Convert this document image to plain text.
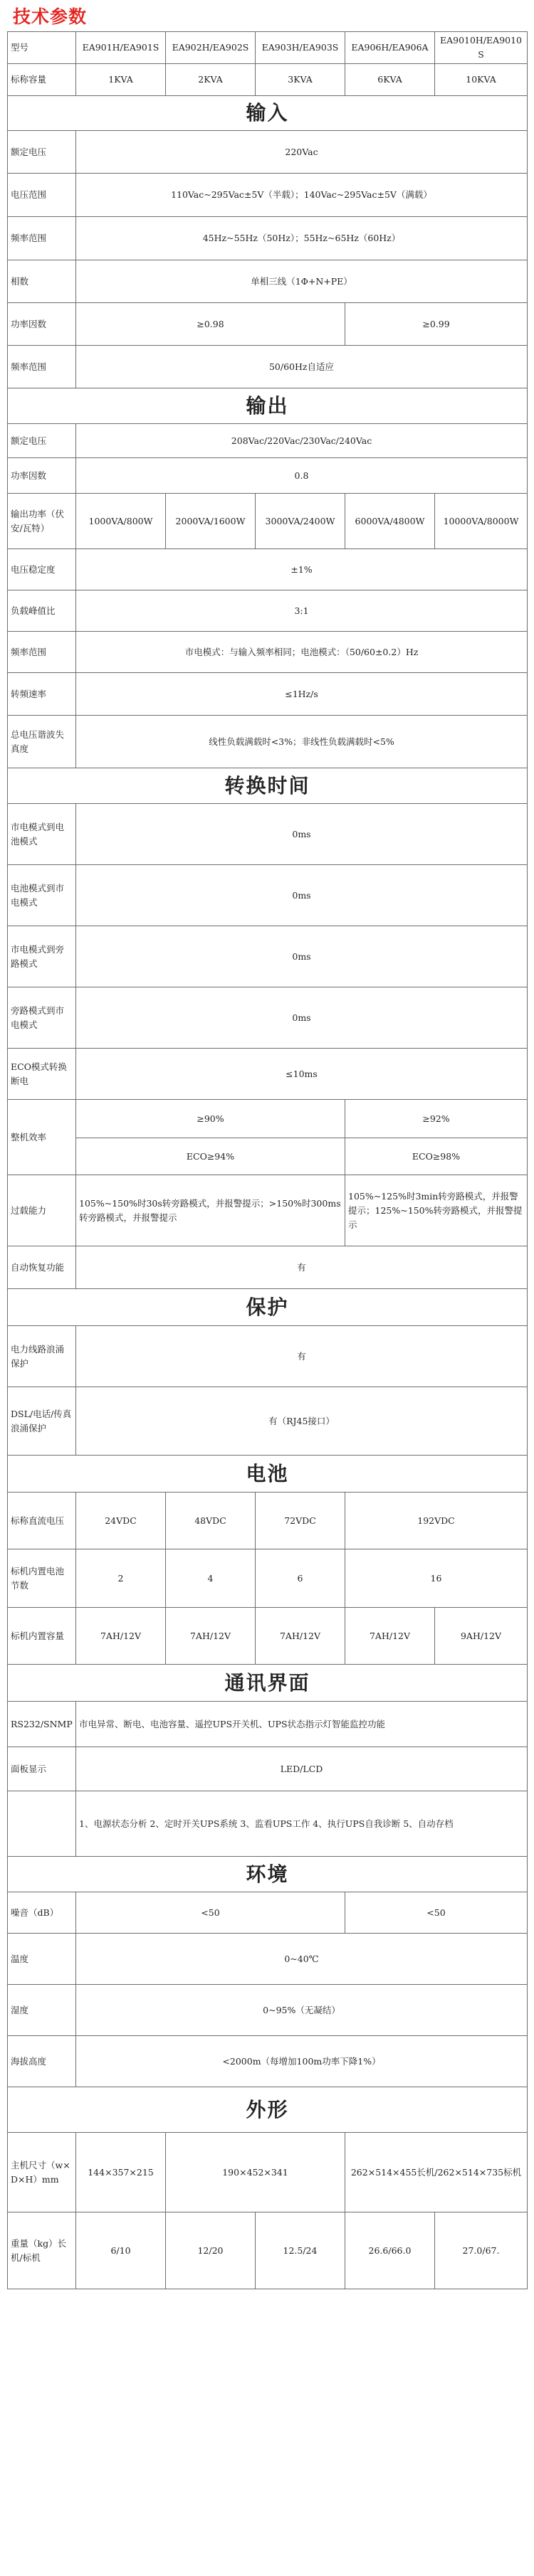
技术参数
型号	EA901H/EA901S	EA902H/EA902S	EA903H/EA903S	EA906H/EA906A	EA9010H/EA9010S
标称容量	1KVA	2KVA	3KVA	6KVA	10KVA
输入					
额定电压	220Vac				
电压范围	110Vac~295Vac±5V（半载）；140Vac~295Vac±5V（满载）				
频率范围	45Hz~55Hz（50Hz）；55Hz~65Hz（60Hz）				
相数	单相三线（1Φ+N+PE）				
功率因数	≥0.98			≥0.99	
频率范围	50/60Hz自适应				
输出					
额定电压	208Vac/220Vac/230Vac/240Vac				
功率因数	0.8				
输出功率（伏安/瓦特）	1000VA/800W	2000VA/1600W	3000VA/2400W	6000VA/4800W	10000VA/8000W
电压稳定度	±1%				
负载峰值比	3:1				
频率范围	市电模式：与输入频率相同；电池模式：（50/60±0.2）Hz				
转频速率	≤1Hz/s				
总电压谐波失真度	线性负载满载时<3%；非线性负载满载时<5%				
转换时间					
市电模式到电池模式	0ms				
电池模式到市电模式	0ms				
市电模式到旁路模式	0ms				
旁路模式到市电模式	0ms				
ECO模式转换断电	≤10ms				
整机效率	≥90%			≥92%	
	ECO≥94%			ECO≥98%	
过载能力	105%~150%时30s转旁路模式，并报警提示；>150%时300ms转旁路模式，并报警提示			105%~125%时3min转旁路模式，并报警提示；125%~150%转旁路模式，并报警提示	
自动恢复功能	有				
保护					
电力线路浪涌保护	有				
DSL/电话/传真浪涌保护	有（RJ45接口）				
电池					
标称直流电压	24VDC	48VDC	72VDC	192VDC	
标机内置电池节数	2	4	6	16	
标机内置容量	7AH/12V	7AH/12V	7AH/12V	7AH/12V	9AH/12V
通讯界面					
RS232/SNMP	市电异常、断电、电池容量、遥控UPS开关机、UPS状态指示灯智能监控功能				
面板显示	LED/LCD				
	1、电源状态分析 2、定时开关UPS系统 3、监看UPS工作 4、执行UPS自我诊断 5、自动存档				
环境					
噪音（dB）	<50			<50	
温度	0~40℃				
湿度	0~95%（无凝结）				
海拔高度	<2000m（每增加100m功率下降1%）				
外形					
主机尺寸（w×D×H）mm	144×357×215	190×452×341		262×514×455长机/262×514×735标机	
重量（kg）长机/标机	6/10	12/20	12.5/24	26.6/66.0	27.0/67.
